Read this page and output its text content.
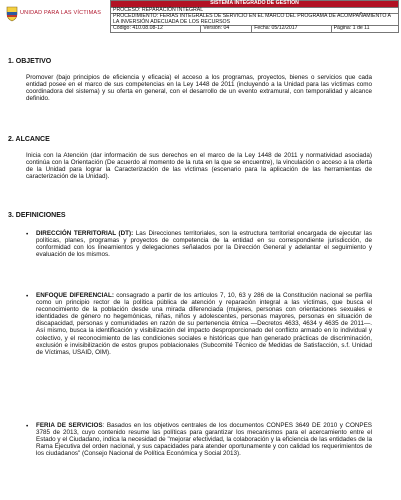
UNIDAD PARA LAS VÍCTIMAS
SISTEMA INTEGRADO DE GESTIÓN
PROCESO: REPARACIÓN INTEGRAL
PROCEDIMIENTO: FERIAS INTEGRALES DE SERVICIO EN EL MARCO DEL PROGRAMA DE ACOMPAÑAMIENTO A LA INVERSIÓN ADECUADA DE LOS RECURSOS
Código: 410.08.08-12	Versión: 04	Fecha: 05/12/2017	Página: 1 de 11
1. OBJETIVO
Promover (bajo principios de eficiencia y eficacia) el acceso a los programas, proyectos, bienes o servicios que cada entidad posee en el marco de sus competencias en la Ley 1448 de 2011 (incluyendo a la Unidad para las víctimas como coordinadora del sistema) y su oferta en general, con el desarrollo de un evento extramural, con temporalidad y alcance definido.
2. ALCANCE
Inicia con la Atención (dar información de sus derechos en el marco de la Ley 1448 de 2011 y normatividad asociada) continúa con la Orientación (De acuerdo al momento de la ruta en la que se encuentre), la vinculación o acceso a la oferta de la Unidad para lograr la Caracterización de las víctimas (escenario para la aplicación de las herramientas de caracterización de la Unidad).
3. DEFINICIONES
• DIRECCIÓN TERRITORIAL (DT): Las Direcciones territoriales, son la estructura territorial encargada de ejecutar las políticas, planes, programas y proyectos de competencia de la entidad en su correspondiente jurisdicción, de conformidad con los lineamientos y delegaciones señalados por la Dirección General y adelantar el seguimiento y evaluación de los mismos.
• ENFOQUE DIFERENCIAL: consagrado a partir de los artículos 7, 10, 63 y 286 de la Constitución nacional se perfila como un principio rector de la política pública de atención y reparación integral a las víctimas, que busca el reconocimiento de la población desde una mirada diferenciada (mujeres, personas con orientaciones sexuales e identidades de género no hegemónicas, niñas, niños y adolescentes, personas mayores, personas en situación de discapacidad, personas y comunidades en razón de su pertenencia étnica —Decretos 4633, 4634 y 4635 de 2011—. Así mismo, busca la identificación y visibilización del impacto desproporcionado del conflicto armado en lo individual y colectivo, y el reconocimiento de las condiciones sociales e históricas que han generado prácticas de discriminación, exclusión e invisibilización de estos grupos poblacionales (Subcomité Técnico de Medidas de Satisfacción, s.f. Unidad de Víctimas, USAID, OIM).
• FERIA DE SERVICIOS: Basados en los objetivos centrales de los documentos CONPES 3649 DE 2010 y CONPES 3785 de 2013, cuyo contenido resume las políticas para garantizar los mecanismos para el acercamiento entre el Estado y el Ciudadano, indica la necesidad de "mejorar efectividad, la colaboración y la eficiencia de las entidades de la Rama Ejecutiva del orden nacional, y sus capacidades para atender oportunamente y con calidad los requerimientos de los ciudadanos" (Consejo Nacional de Política Económica y Social 2013).
